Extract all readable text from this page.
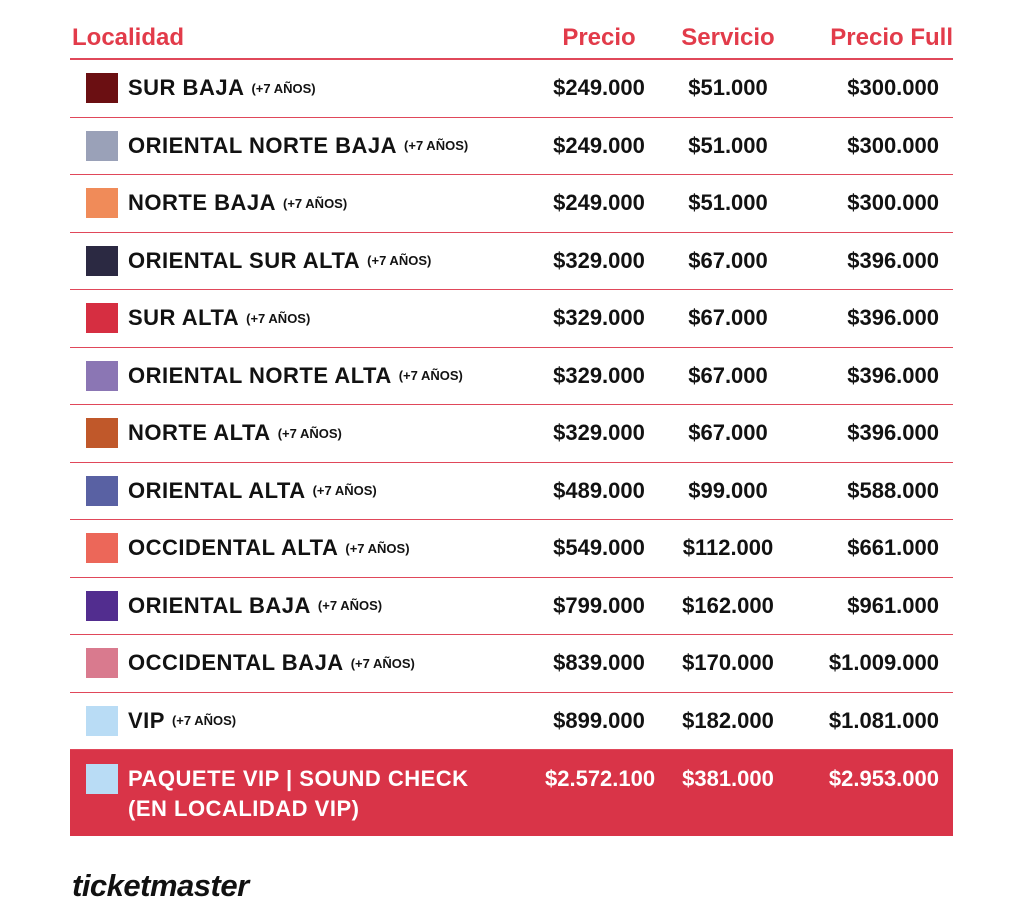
Localidad	Precio	Servicio	Precio Full
SUR BAJA (+7 AÑOS)	$249.000	$51.000	$300.000
ORIENTAL NORTE BAJA (+7 AÑOS)	$249.000	$51.000	$300.000
NORTE BAJA (+7 AÑOS)	$249.000	$51.000	$300.000
ORIENTAL SUR ALTA (+7 AÑOS)	$329.000	$67.000	$396.000
SUR ALTA (+7 AÑOS)	$329.000	$67.000	$396.000
ORIENTAL NORTE ALTA (+7 AÑOS)	$329.000	$67.000	$396.000
NORTE ALTA (+7 AÑOS)	$329.000	$67.000	$396.000
ORIENTAL ALTA (+7 AÑOS)	$489.000	$99.000	$588.000
OCCIDENTAL ALTA (+7 AÑOS)	$549.000	$112.000	$661.000
ORIENTAL BAJA (+7 AÑOS)	$799.000	$162.000	$961.000
OCCIDENTAL BAJA (+7 AÑOS)	$839.000	$170.000	$1.009.000
VIP (+7 AÑOS)	$899.000	$182.000	$1.081.000
PAQUETE VIP | SOUND CHECK
(EN LOCALIDAD VIP)
$2.572.100	$381.000	$2.953.000
ticketmaster
